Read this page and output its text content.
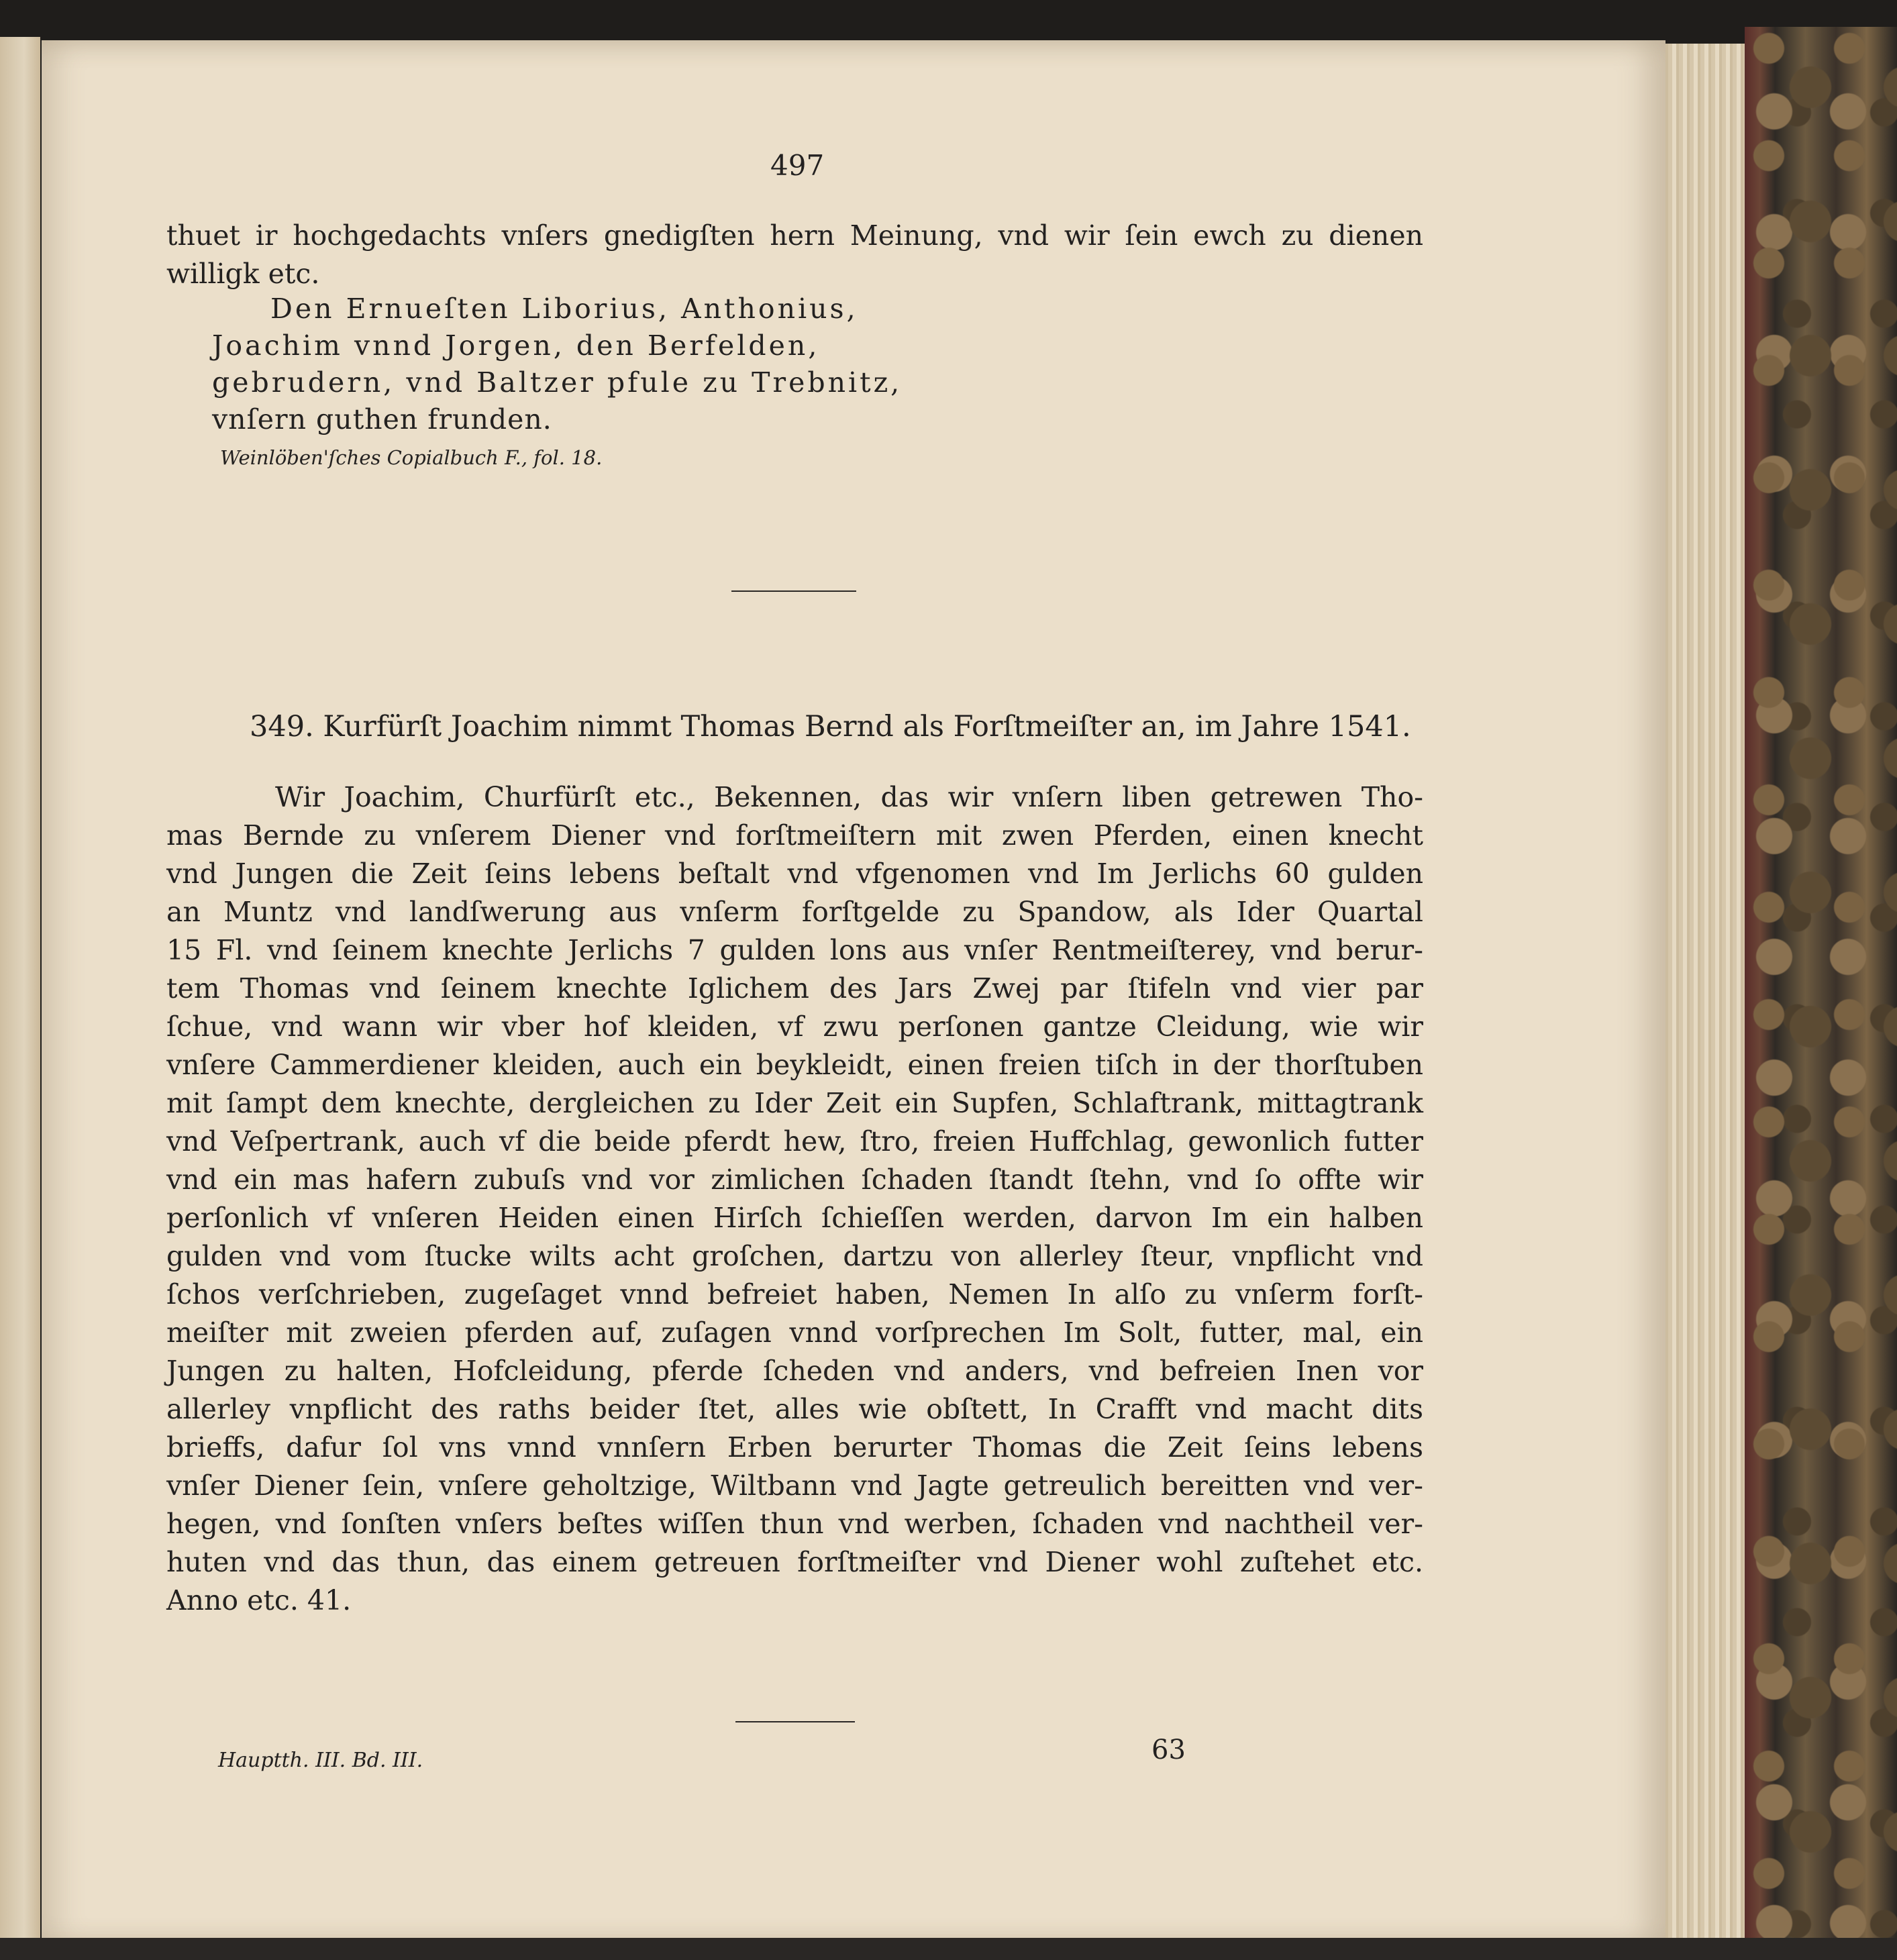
497
thuet ir hochgedachts vnſers gnedigſten hern Meinung, vnd wir ſein ewch zu dienen
willigk etc.
Den Ernueſten Liborius, Anthonius,
Joachim vnnd Jorgen, den Berfelden,
gebrudern, vnd Baltzer pfule zu Trebnitz,
vnſern guthen frunden.
Weinlöben'ſches Copialbuch F., fol. 18.
349. Kurfürſt Joachim nimmt Thomas Bernd als Forſtmeiſter an, im Jahre 1541.
Wir Joachim, Churfürſt etc., Bekennen, das wir vnſern liben getrewen Tho-
mas Bernde zu vnſerem Diener vnd forſtmeiſtern mit zwen Pferden, einen knecht
vnd Jungen die Zeit ſeins lebens beſtalt vnd vfgenomen vnd Im Jerlichs 60 gulden
an Muntz vnd landſwerung aus vnſerm forſtgelde zu Spandow, als Ider Quartal
15 Fl. vnd ſeinem knechte Jerlichs 7 gulden lons aus vnſer Rentmeiſterey, vnd berur-
tem Thomas vnd ſeinem knechte Iglichem des Jars Zwej par ſtifeln vnd vier par
ſchue, vnd wann wir vber hof kleiden, vf zwu perſonen gantze Cleidung, wie wir
vnſere Cammerdiener kleiden, auch ein beykleidt, einen freien tiſch in der thorſtuben
mit ſampt dem knechte, dergleichen zu Ider Zeit ein Supfen, Schlaftrank, mittagtrank
vnd Veſpertrank, auch vf die beide pferdt hew, ſtro, freien Huffchlag, gewonlich futter
vnd ein mas hafern zubuſs vnd vor zimlichen ſchaden ſtandt ſtehn, vnd ſo offte wir
perſonlich vf vnſeren Heiden einen Hirſch ſchieſſen werden, darvon Im ein halben
gulden vnd vom ſtucke wilts acht groſchen, dartzu von allerley ſteur, vnpflicht vnd
ſchos verſchrieben, zugeſaget vnnd befreiet haben, Nemen In alſo zu vnſerm forſt-
meiſter mit zweien pferden auf, zuſagen vnnd vorſprechen Im Solt, futter, mal, ein
Jungen zu halten, Hofcleidung, pferde ſcheden vnd anders, vnd befreien Inen vor
allerley vnpflicht des raths beider ſtet, alles wie obſtett, In Crafft vnd macht dits
brieffs, dafur ſol vns vnnd vnnſern Erben berurter Thomas die Zeit ſeins lebens
vnſer Diener ſein, vnſere geholtzige, Wiltbann vnd Jagte getreulich bereitten vnd ver-
hegen, vnd ſonſten vnſers beſtes wiſſen thun vnd werben, ſchaden vnd nachtheil ver-
huten vnd das thun, das einem getreuen forſtmeiſter vnd Diener wohl zuſtehet etc.
Anno etc. 41.
Hauptth. III. Bd. III.	63
